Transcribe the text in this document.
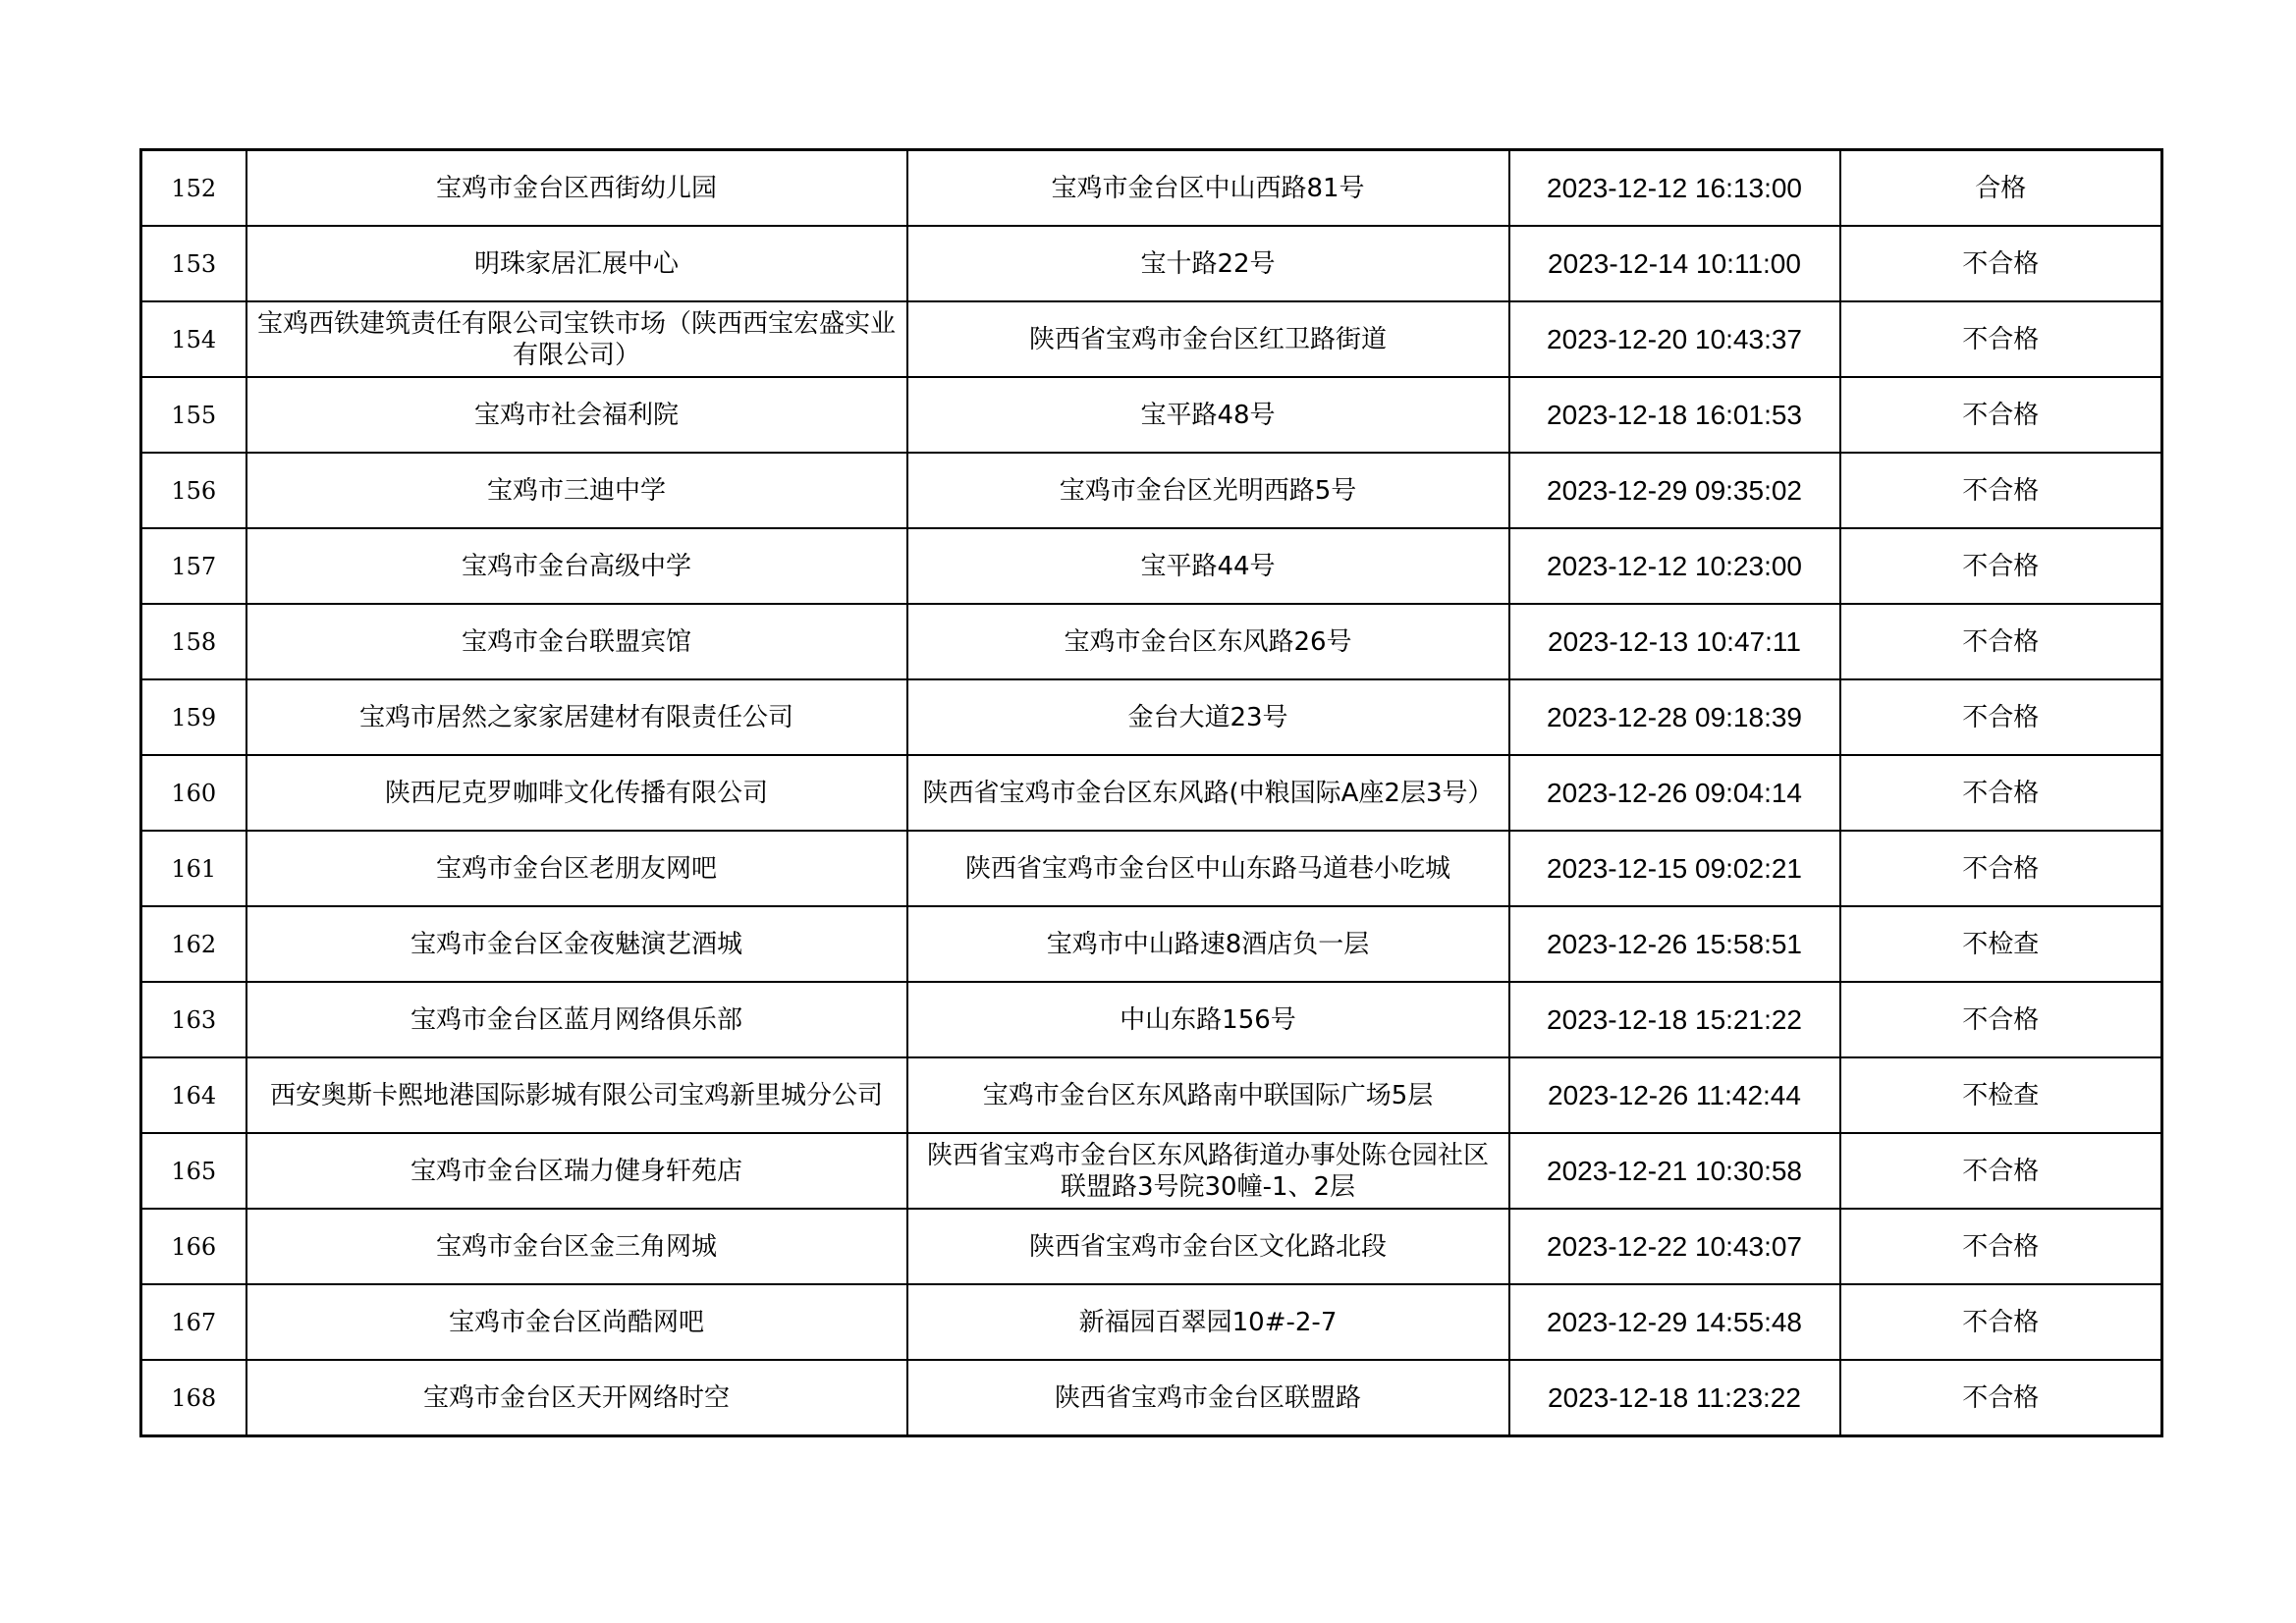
152	宝鸡市金台区西街幼儿园	宝鸡市金台区中山西路81号	2023-12-12 16:13:00	合格
153	明珠家居汇展中心	宝十路22号	2023-12-14 10:11:00	不合格
154	宝鸡西铁建筑责任有限公司宝铁市场（陕西西宝宏盛实业有限公司）	陕西省宝鸡市金台区红卫路街道	2023-12-20 10:43:37	不合格
155	宝鸡市社会福利院	宝平路48号	2023-12-18 16:01:53	不合格
156	宝鸡市三迪中学	宝鸡市金台区光明西路5号	2023-12-29 09:35:02	不合格
157	宝鸡市金台高级中学	宝平路44号	2023-12-12 10:23:00	不合格
158	宝鸡市金台联盟宾馆	宝鸡市金台区东风路26号	2023-12-13 10:47:11	不合格
159	宝鸡市居然之家家居建材有限责任公司	金台大道23号	2023-12-28 09:18:39	不合格
160	陕西尼克罗咖啡文化传播有限公司	陕西省宝鸡市金台区东风路(中粮国际A座2层3号）	2023-12-26 09:04:14	不合格
161	宝鸡市金台区老朋友网吧	陕西省宝鸡市金台区中山东路马道巷小吃城	2023-12-15 09:02:21	不合格
162	宝鸡市金台区金夜魅演艺酒城	宝鸡市中山路速8酒店负一层	2023-12-26 15:58:51	不检查
163	宝鸡市金台区蓝月网络俱乐部	中山东路156号	2023-12-18 15:21:22	不合格
164	西安奥斯卡熙地港国际影城有限公司宝鸡新里城分公司	宝鸡市金台区东风路南中联国际广场5层	2023-12-26 11:42:44	不检查
165	宝鸡市金台区瑞力健身轩苑店	陕西省宝鸡市金台区东风路街道办事处陈仓园社区联盟路3号院30幢-1、2层	2023-12-21 10:30:58	不合格
166	宝鸡市金台区金三角网城	陕西省宝鸡市金台区文化路北段	2023-12-22 10:43:07	不合格
167	宝鸡市金台区尚酷网吧	新福园百翠园10#-2-7	2023-12-29 14:55:48	不合格
168	宝鸡市金台区天开网络时空	陕西省宝鸡市金台区联盟路	2023-12-18 11:23:22	不合格
